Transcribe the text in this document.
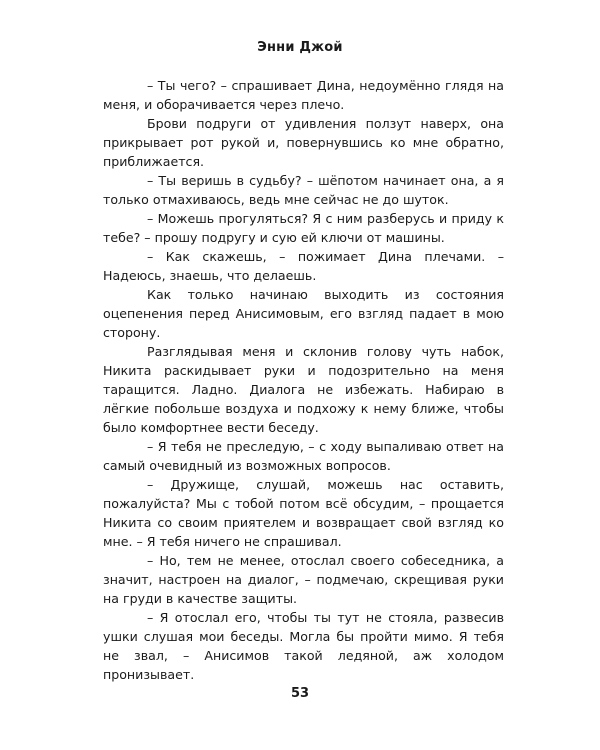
Энни Джой

– Ты чего? – спрашивает Дина, недоумённо глядя на меня, и оборачивается через плечо.

Брови подруги от удивления ползут наверх, она прикрывает рот рукой и, повернувшись ко мне обратно, приближается.

– Ты веришь в судьбу? – шёпотом начинает она, а я только отмахиваюсь, ведь мне сейчас не до шуток.

– Можешь прогуляться? Я с ним разберусь и приду к тебе? – прошу подругу и сую ей ключи от машины.

– Как скажешь, – пожимает Дина плечами. – Надеюсь, знаешь, что делаешь.

Как только начинаю выходить из состояния оцепенения перед Анисимовым, его взгляд падает в мою сторону.

Разглядывая меня и склонив голову чуть набок, Никита раскидывает руки и подозрительно на меня таращится. Ладно. Диалога не избежать. Набираю в лёгкие побольше воздуха и подхожу к нему ближе, чтобы было комфортнее вести беседу.

– Я тебя не преследую, – с ходу выпаливаю ответ на самый очевидный из возможных вопросов.

– Дружище, слушай, можешь нас оставить, пожалуйста? Мы с тобой потом всё обсудим, – прощается Никита со своим приятелем и возвращает свой взгляд ко мне. – Я тебя ничего не спрашивал.

– Но, тем не менее, отослал своего собеседника, а значит, настроен на диалог, – подмечаю, скрещивая руки на груди в качестве защиты.

– Я отослал его, чтобы ты тут не стояла, развесив ушки слушая мои беседы. Могла бы пройти мимо. Я тебя не звал, – Анисимов такой ледяной, аж холодом пронизывает.

53
